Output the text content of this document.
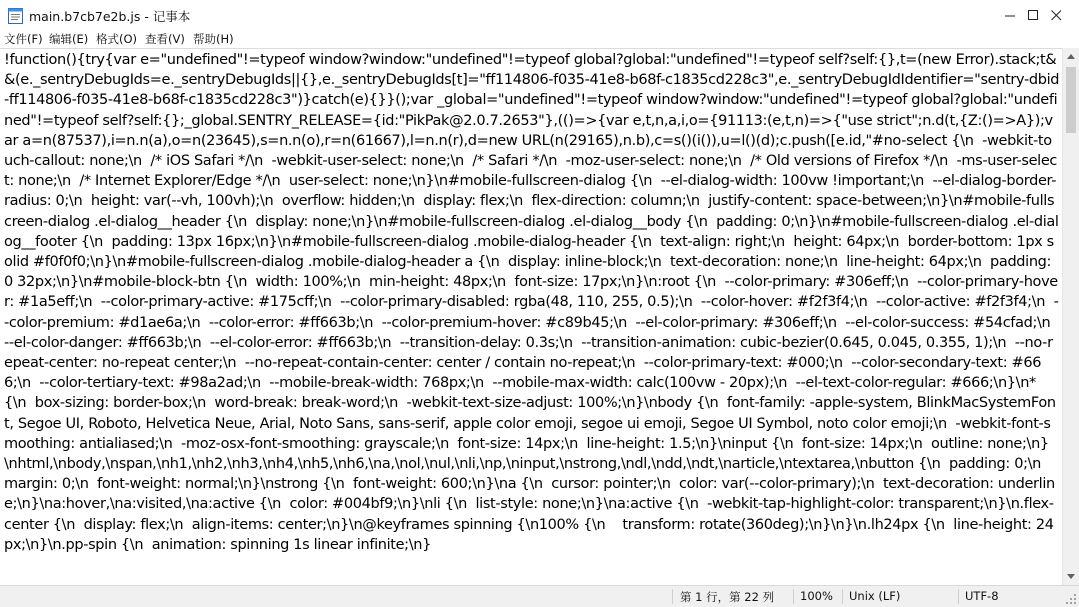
main.b7cb7e2b.js - 记事本
文件(F) 编辑(E) 格式(O) 查看(V) 帮助(H)
!function(){try{var e="undefined"!=typeof window?window:"undefined"!=typeof global?global:"undefined"!=typeof self?self:{},t=(new Error).stack;t&&(e._sentryDebugIds=e._sentryDebugIds||{},e._sentryDebugIds[t]="ff114806-f035-41e8-b68f-c1835cd228c3",e._sentryDebugIdIdentifier="sentry-dbid-ff114806-f035-41e8-b68f-c1835cd228c3")}catch(e){}}();var _global="undefined"!=typeof window?window:"undefined"!=typeof global?global:"undefined"!=typeof self?self:{};_global.SENTRY_RELEASE={id:"PikPak@2.0.7.2653"},(()=>{var e,t,n,a,i,o={91113:(e,t,n)=>{"use strict";n.d(t,{Z:()=>A});var a=n(87537),i=n.n(a),o=n(23645),s=n.n(o),r=n(61667),l=n.n(r),d=new URL(n(29165),n.b),c=s()(i()),u=l()(d);c.push([e.id,"#no-select {\n  -webkit-touch-callout: none;\n  /* iOS Safari */\n  -webkit-user-select: none;\n  /* Safari */\n  -moz-user-select: none;\n  /* Old versions of Firefox */\n  -ms-user-select: none;\n  /* Internet Explorer/Edge */\n  user-select: none;\n}\n#mobile-fullscreen-dialog {\n  --el-dialog-width: 100vw !important;\n  --el-dialog-border-radius: 0;\n  height: var(--vh, 100vh);\n  overflow: hidden;\n  display: flex;\n  flex-direction: column;\n  justify-content: space-between;\n}\n#mobile-fullscreen-dialog .el-dialog__header {\n  display: none;\n}\n#mobile-fullscreen-dialog .el-dialog__body {\n  padding: 0;\n}\n#mobile-fullscreen-dialog .el-dialog__footer {\n  padding: 13px 16px;\n}\n#mobile-fullscreen-dialog .mobile-dialog-header {\n  text-align: right;\n  height: 64px;\n  border-bottom: 1px solid #f0f0f0;\n}\n#mobile-fullscreen-dialog .mobile-dialog-header a {\n  display: inline-block;\n  text-decoration: none;\n  line-height: 64px;\n  padding: 0 32px;\n}\n#mobile-block-btn {\n  width: 100%;\n  min-height: 48px;\n  font-size: 17px;\n}\n:root {\n  --color-primary: #306eff;\n  --color-primary-hover: #1a5eff;\n  --color-primary-active: #175cff;\n  --color-primary-disabled: rgba(48, 110, 255, 0.5);\n  --color-hover: #f2f3f4;\n  --color-active: #f2f3f4;\n  --color-premium: #d1ae6a;\n  --color-error: #ff663b;\n  --color-premium-hover: #c89b45;\n  --el-color-primary: #306eff;\n  --el-color-success: #54cfad;\n  --el-color-danger: #ff663b;\n  --el-color-error: #ff663b;\n  --transition-delay: 0.3s;\n  --transition-animation: cubic-bezier(0.645, 0.045, 0.355, 1);\n  --no-repeat-center: no-repeat center;\n  --no-repeat-contain-center: center / contain no-repeat;\n  --color-primary-text: #000;\n  --color-secondary-text: #666;\n  --color-tertiary-text: #98a2ad;\n  --mobile-break-width: 768px;\n  --mobile-max-width: calc(100vw - 20px);\n  --el-text-color-regular: #666;\n}\n* {\n  box-sizing: border-box;\n  word-break: break-word;\n  -webkit-text-size-adjust: 100%;\n}\nbody {\n  font-family: -apple-system, BlinkMacSystemFont, Segoe UI, Roboto, Helvetica Neue, Arial, Noto Sans, sans-serif, apple color emoji, segoe ui emoji, Segoe UI Symbol, noto color emoji;\n  -webkit-font-smoothing: antialiased;\n  -moz-osx-font-smoothing: grayscale;\n  font-size: 14px;\n  line-height: 1.5;\n}\ninput {\n  font-size: 14px;\n  outline: none;\n}\nhtml,\nbody,\nspan,\nh1,\nh2,\nh3,\nh4,\nh5,\nh6,\na,\nol,\nul,\nli,\np,\ninput,\nstrong,\ndl,\ndd,\ndt,\narticle,\ntextarea,\nbutton {\n  padding: 0;\n  margin: 0;\n  font-weight: normal;\n}\nstrong {\n  font-weight: 600;\n}\na {\n  cursor: pointer;\n  color: var(--color-primary);\n  text-decoration: underline;\n}\na:hover,\na:visited,\na:active {\n  color: #004bf9;\n}\nli {\n  list-style: none;\n}\na:active {\n  -webkit-tap-highlight-color: transparent;\n}\n.flex-center {\n  display: flex;\n  align-items: center;\n}\n@keyframes spinning {\n100% {\n    transform: rotate(360deg);\n}\n}\n.lh24px {\n  line-height: 24px;\n}\n.pp-spin {\n  animation: spinning 1s linear infinite;\n}
第 1 行，第 22 列 100% Unix (LF)	UTF-8
